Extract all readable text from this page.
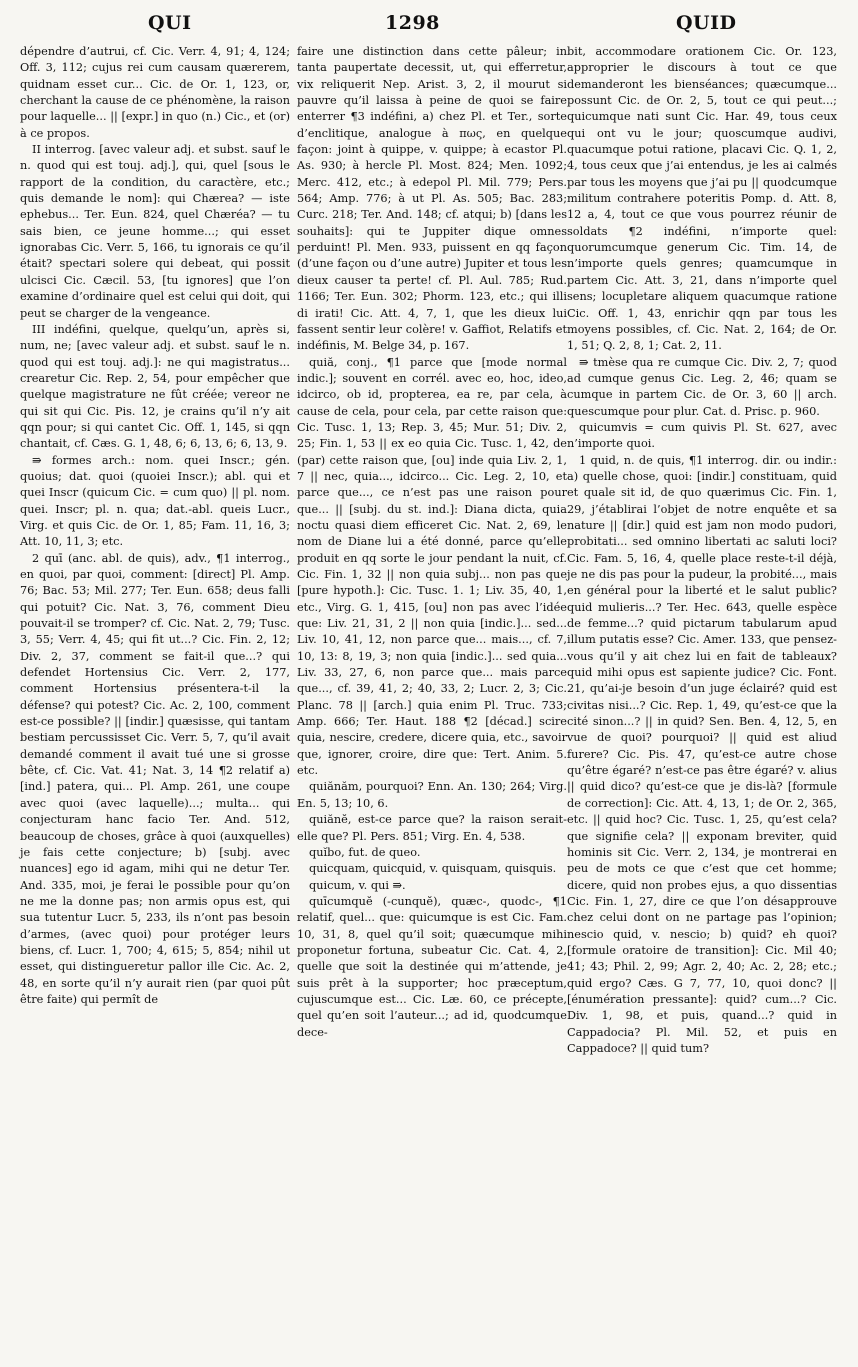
QUI	1298	QUID

dépendre d’autrui, cf. Cic. Verr. 4, 91; 4, 124; Off. 3, 112; cujus rei cum causam quærerem, quidnam esset cur... Cic. de Or. 1, 123, or, cherchant la cause de ce phénomène, la raison pour laquelle... || [expr.] in quo (n.) Cic., et (or) à ce propos.

II interrog. [avec valeur adj. et subst. sauf le n. quod qui est touj. adj.], qui, quel [sous le rapport de la condition, du caractère, etc.; quis demande le nom]: qui Chærea? — iste ephebus... Ter. Eun. 824, quel Chæréa? — tu sais bien, ce jeune homme...; qui esset ignorabas Cic. Verr. 5, 166, tu ignorais ce qu’il était? spectari solere qui debeat, qui possit ulcisci Cic. Cæcil. 53, [tu ignores] que l’on examine d’ordinaire quel est celui qui doit, qui peut se charger de la vengeance.

III indéfini, quelque, quelqu’un, après si, num, ne; [avec valeur adj. et subst. sauf le n. quod qui est touj. adj.]: ne qui magistratus... crearetur Cic. Rep. 2, 54, pour empêcher que quelque magistrature ne fût créée; vereor ne qui sit qui Cic. Pis. 12, je crains qu’il n’y ait qqn pour; si qui cantet Cic. Off. 1, 145, si qqn chantait, cf. Cæs. G. 1, 48, 6; 6, 13, 6; 6, 13, 9.

⇛ formes arch.: nom. quei Inscr.; gén. quoius; dat. quoi (quoiei Inscr.); abl. qui et quei Inscr (quicum Cic. = cum quo) || pl. nom. quei. Inscr; pl. n. qua; dat.-abl. queis Lucr., Virg. et quis Cic. de Or. 1, 85; Fam. 11, 16, 3; Att. 10, 11, 3; etc.

2 quī (anc. abl. de quis), adv., ¶1 interrog., en quoi, par quoi, comment: [direct] Pl. Amp. 76; Bac. 53; Mil. 277; Ter. Eun. 658; deus falli qui potuit? Cic. Nat. 3, 76, comment Dieu pouvait-il se tromper? cf. Cic. Nat. 2, 79; Tusc. 3, 55; Verr. 4, 45; qui fit ut...? Cic. Fin. 2, 12; Div. 2, 37, comment se fait-il que...? qui defendet Hortensius Cic. Verr. 2, 177, comment Hortensius présentera-t-il la défense? qui potest? Cic. Ac. 2, 100, comment est-ce possible? || [indir.] quæsisse, qui tantam bestiam percussisset Cic. Verr. 5, 7, qu’il avait demandé comment il avait tué une si grosse bête, cf. Cic. Vat. 41; Nat. 3, 14 ¶2 relatif a) [ind.] patera, qui... Pl. Amp. 261, une coupe avec quoi (avec laquelle)...; multa... qui conjecturam hanc facio Ter. And. 512, beaucoup de choses, grâce à quoi (auxquelles) je fais cette conjecture; b) [subj. avec nuances] ego id agam, mihi qui ne detur Ter. And. 335, moi, je ferai le possible pour qu’on ne me la donne pas; non armis opus est, qui sua tutentur Lucr. 5, 233, ils n’ont pas besoin d’armes, (avec quoi) pour protéger leurs biens, cf. Lucr. 1, 700; 4, 615; 5, 854; nihil ut esset, qui distingueretur pallor ille Cic. Ac. 2, 48, en sorte qu’il n’y aurait rien (par quoi pût être faite) qui permît de

faire une distinction dans cette pâleur; in tanta paupertate decessit, ut, qui efferretur, vix reliquerit Nep. Arist. 3, 2, il mourut si pauvre qu’il laissa à peine de quoi se faire enterrer ¶3 indéfini, a) chez Pl. et Ter., sorte d’enclitique, analogue à πως, en quelque façon: joint à quippe, v. quippe; à ecastor Pl. As. 930; à hercle Pl. Most. 824; Men. 1092; Merc. 412, etc.; à edepol Pl. Mil. 779; Pers. 564; Amp. 776; à ut Pl. As. 505; Bac. 283; Curc. 218; Ter. And. 148; cf. atqui; b) [dans les souhaits]: qui te Juppiter dique omnes perduint! Pl. Men. 933, puissent en qq façon (d’une façon ou d’une autre) Jupiter et tous les dieux causer ta perte! cf. Pl. Aul. 785; Rud. 1166; Ter. Eun. 302; Phorm. 123, etc.; qui illi di irati! Cic. Att. 4, 7, 1, que les dieux lui fassent sentir leur colère! v. Gaffiot, Relatifs et indéfinis, M. Belge 34, p. 167.

quiă, conj., ¶1 parce que [mode normal indic.]; souvent en corrél. avec eo, hoc, ideo, idcirco, ob id, propterea, ea re, par cela, à cause de cela, pour cela, par cette raison que: Cic. Tusc. 1, 13; Rep. 3, 45; Mur. 51; Div. 2, 25; Fin. 1, 53 || ex eo quia Cic. Tusc. 1, 42, de (par) cette raison que, [ou] inde quia Liv. 2, 1, 7 || nec, quia..., idcirco... Cic. Leg. 2, 10, et parce que..., ce n’est pas une raison pour que... || [subj. du st. ind.]: Diana dicta, quia noctu quasi diem efficeret Cic. Nat. 2, 69, le nom de Diane lui a été donné, parce qu’elle produit en qq sorte le jour pendant la nuit, cf. Cic. Fin. 1, 32 || non quia subj... non pas que [pure hypoth.]: Cic. Tusc. 1. 1; Liv. 35, 40, 1, etc., Virg. G. 1, 415, [ou] non pas avec l’idée que: Liv. 21, 31, 2 || non quia [indic.]... sed... Liv. 10, 41, 12, non parce que... mais..., cf. 7, 10, 13: 8, 19, 3; non quia [indic.]... sed quia... Liv. 33, 27, 6, non parce que... mais parce que..., cf. 39, 41, 2; 40, 33, 2; Lucr. 2, 3; Cic. Planc. 78 || [arch.] quia enim Pl. Truc. 733; Amp. 666; Ter. Haut. 188 ¶2 [décad.] scire quia, nescire, credere, dicere quia, etc., savoir que, ignorer, croire, dire que: Tert. Anim. 5. etc.

quiănăm, pourquoi? Enn. An. 130; 264; Virg. En. 5, 13; 10, 6.

quiănĕ, est-ce parce que? la raison serait-elle que? Pl. Pers. 851; Virg. En. 4, 538.

quĭbo, fut. de queo.

quicquam, quicquid, v. quisquam, quisquis.

quicum, v. qui ⇛.

quīcumquĕ (-cunquĕ), quæc-, quodc-, ¶1 relatif, quel... que: quicumque is est Cic. Fam. 10, 31, 8, quel qu’il soit; quæcumque mihi proponetur fortuna, subeatur Cic. Cat. 4, 2, quelle que soit la destinée qui m’attende, je suis prêt à la supporter; hoc præceptum, cujuscumque est... Cic. Læ. 60, ce précepte, quel qu’en soit l’auteur...; ad id, quodcumque dece-

bit, accommodare orationem Cic. Or. 123, approprier le discours à tout ce que demanderont les bienséances; quæcumque... possunt Cic. de Or. 2, 5, tout ce qui peut...; quicumque nati sunt Cic. Har. 49, tous ceux qui ont vu le jour; quoscumque audivi, quacumque potui ratione, placavi Cic. Q. 1, 2, 4, tous ceux que j’ai entendus, je les ai calmés par tous les moyens que j’ai pu || quodcumque militum contrahere poteritis Pomp. d. Att. 8, 12 a, 4, tout ce que vous pourrez réunir de soldats ¶2 indéfini, n’importe quel: quorumcumque generum Cic. Tim. 14, de n’importe quels genres; quamcumque in partem Cic. Att. 3, 21, dans n’importe quel sens; locupletare aliquem quacumque ratione Cic. Off. 1, 43, enrichir qqn par tous les moyens possibles, cf. Cic. Nat. 2, 164; de Or. 1, 51; Q. 2, 8, 1; Cat. 2, 11.

⇛ tmèse qua re cumque Cic. Div. 2, 7; quod ad cumque genus Cic. Leg. 2, 46; quam se cumque in partem Cic. de Or. 3, 60 || arch. quescumque pour plur. Cat. d. Prisc. p. 960.

quicumvis = cum quivis Pl. St. 627, avec n’importe quoi.

1 quid, n. de quis, ¶1 interrog. dir. ou indir.: a) quelle chose, quoi: [indir.] constituam, quid et quale sit id, de quo quærimus Cic. Fin. 1, 29, j’établirai l’objet de notre enquête et sa nature || [dir.] quid est jam non modo pudori, probitati... sed omnino libertati ac saluti loci? Cic. Fam. 5, 16, 4, quelle place reste-t-il déjà, je ne dis pas pour la pudeur, la probité..., mais en général pour la liberté et le salut public? quid mulieris...? Ter. Hec. 643, quelle espèce de femme...? quid pictarum tabularum apud illum putatis esse? Cic. Amer. 133, que pensez-vous qu’il y ait chez lui en fait de tableaux? quid mihi opus est sapiente judice? Cic. Font. 21, qu’ai-je besoin d’un juge éclairé? quid est civitas nisi...? Cic. Rep. 1, 49, qu’est-ce que la cité sinon...? || in quid? Sen. Ben. 4, 12, 5, en vue de quoi? pourquoi? || quid est aliud furere? Cic. Pis. 47, qu’est-ce autre chose qu’être égaré? n’est-ce pas être égaré? v. alius || quid dico? qu’est-ce que je dis-là? [formule de correction]: Cic. Att. 4, 13, 1; de Or. 2, 365, etc. || quid hoc? Cic. Tusc. 1, 25, qu’est cela? que signifie cela? || exponam breviter, quid hominis sit Cic. Verr. 2, 134, je montrerai en peu de mots ce que c’est que cet homme; dicere, quid non probes ejus, a quo dissentias Cic. Fin. 1, 27, dire ce que l’on désapprouve chez celui dont on ne partage pas l’opinion; nescio quid, v. nescio; b) quid? eh quoi? [formule oratoire de transition]: Cic. Mil 40; 41; 43; Phil. 2, 99; Agr. 2, 40; Ac. 2, 28; etc.; quid ergo? Cæs. G 7, 77, 10, quoi donc? || [énumération pressante]: quid? cum...? Cic. Div. 1, 98, et puis, quand...? quid in Cappadocia? Pl. Mil. 52, et puis en Cappadoce? || quid tum?
